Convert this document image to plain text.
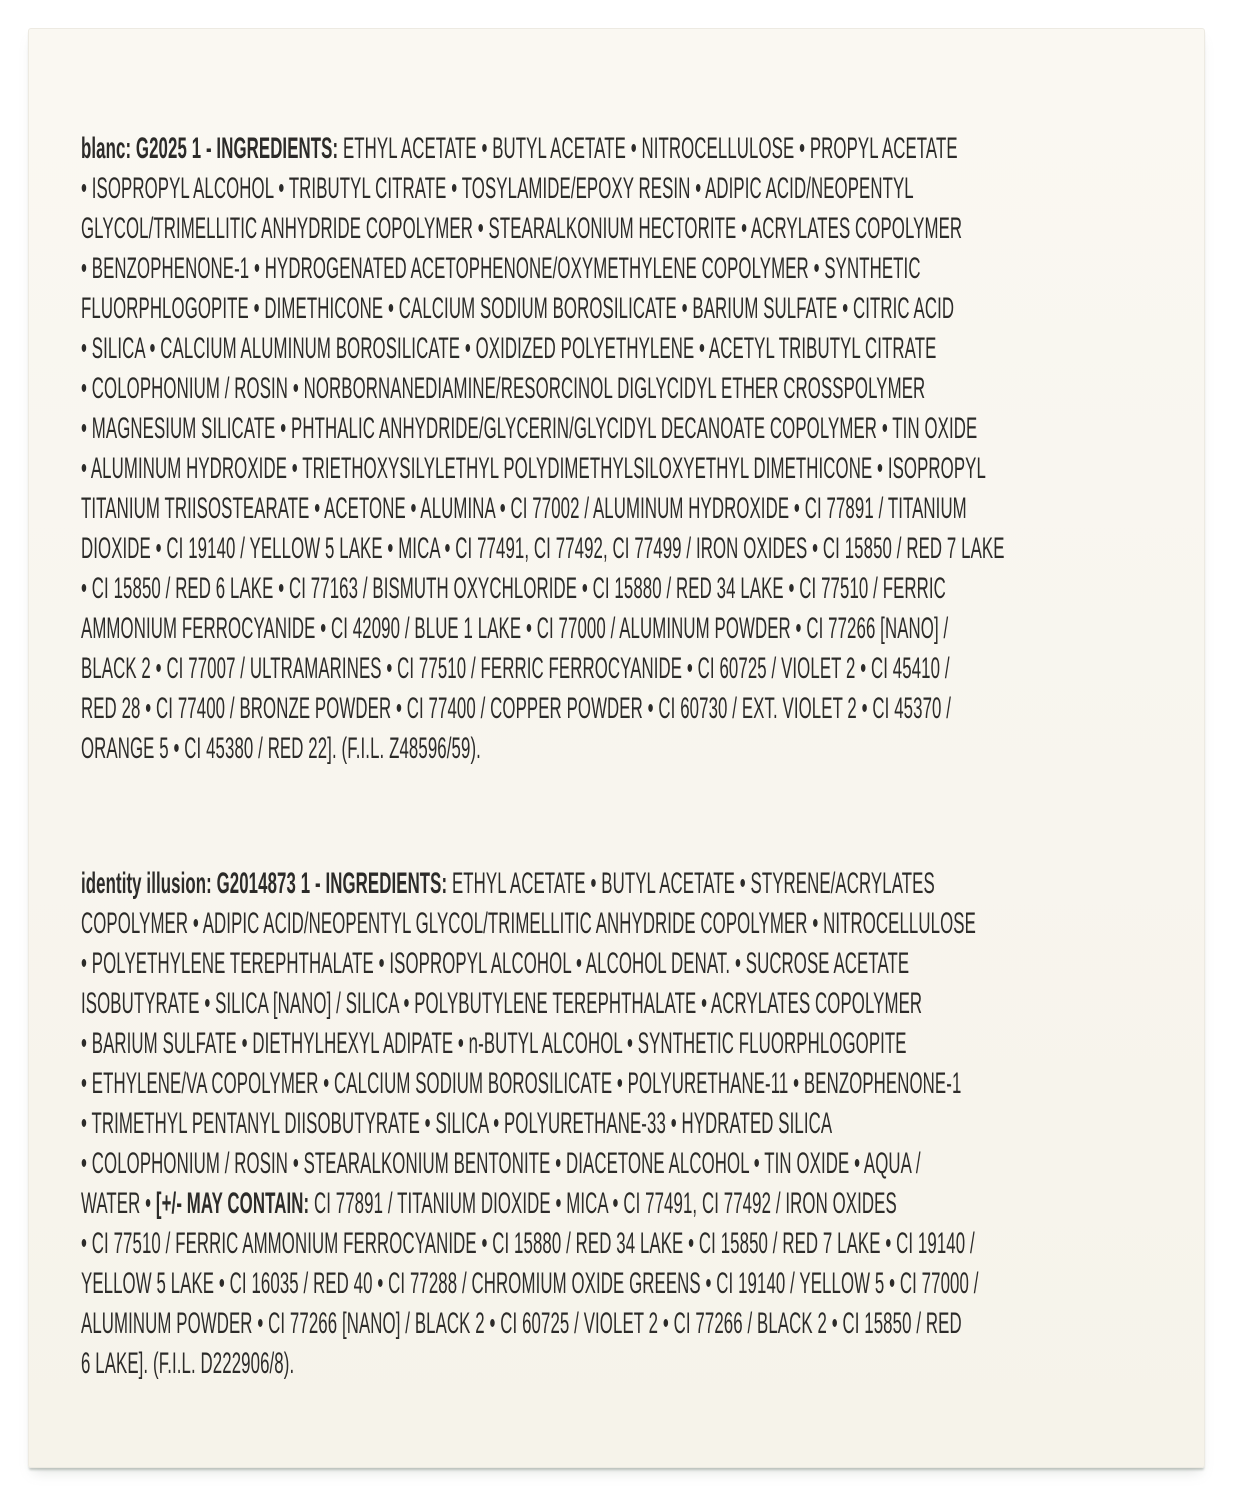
blanc: G2025 1 - INGREDIENTS: ETHYL ACETATE • BUTYL ACETATE • NITROCELLULOSE • PROPYL ACETATE
• ISOPROPYL ALCOHOL • TRIBUTYL CITRATE • TOSYLAMIDE/EPOXY RESIN • ADIPIC ACID/NEOPENTYL
GLYCOL/TRIMELLITIC ANHYDRIDE COPOLYMER • STEARALKONIUM HECTORITE • ACRYLATES COPOLYMER
• BENZOPHENONE-1 • HYDROGENATED ACETOPHENONE/OXYMETHYLENE COPOLYMER • SYNTHETIC
FLUORPHLOGOPITE • DIMETHICONE • CALCIUM SODIUM BOROSILICATE • BARIUM SULFATE • CITRIC ACID
• SILICA • CALCIUM ALUMINUM BOROSILICATE • OXIDIZED POLYETHYLENE • ACETYL TRIBUTYL CITRATE
• COLOPHONIUM / ROSIN • NORBORNANEDIAMINE/RESORCINOL DIGLYCIDYL ETHER CROSSPOLYMER
• MAGNESIUM SILICATE • PHTHALIC ANHYDRIDE/GLYCERIN/GLYCIDYL DECANOATE COPOLYMER • TIN OXIDE
• ALUMINUM HYDROXIDE • TRIETHOXYSILYLETHYL POLYDIMETHYLSILOXYETHYL DIMETHICONE • ISOPROPYL
TITANIUM TRIISOSTEARATE • ACETONE • ALUMINA • CI 77002 / ALUMINUM HYDROXIDE • CI 77891 / TITANIUM
DIOXIDE • CI 19140 / YELLOW 5 LAKE • MICA • CI 77491, CI 77492, CI 77499 / IRON OXIDES • CI 15850 / RED 7 LAKE
• CI 15850 / RED 6 LAKE • CI 77163 / BISMUTH OXYCHLORIDE • CI 15880 / RED 34 LAKE • CI 77510 / FERRIC
AMMONIUM FERROCYANIDE • CI 42090 / BLUE 1 LAKE • CI 77000 / ALUMINUM POWDER • CI 77266 [NANO] /
BLACK 2 • CI 77007 / ULTRAMARINES • CI 77510 / FERRIC FERROCYANIDE • CI 60725 / VIOLET 2 • CI 45410 /
RED 28 • CI 77400 / BRONZE POWDER • CI 77400 / COPPER POWDER • CI 60730 / EXT. VIOLET 2 • CI 45370 /
ORANGE 5 • CI 45380 / RED 22]. (F.I.L. Z48596/59).
identity illusion: G2014873 1 - INGREDIENTS: ETHYL ACETATE • BUTYL ACETATE • STYRENE/ACRYLATES
COPOLYMER • ADIPIC ACID/NEOPENTYL GLYCOL/TRIMELLITIC ANHYDRIDE COPOLYMER • NITROCELLULOSE
• POLYETHYLENE TEREPHTHALATE • ISOPROPYL ALCOHOL • ALCOHOL DENAT. • SUCROSE ACETATE
ISOBUTYRATE • SILICA [NANO] / SILICA • POLYBUTYLENE TEREPHTHALATE • ACRYLATES COPOLYMER
• BARIUM SULFATE • DIETHYLHEXYL ADIPATE • n-BUTYL ALCOHOL • SYNTHETIC FLUORPHLOGOPITE
• ETHYLENE/VA COPOLYMER • CALCIUM SODIUM BOROSILICATE • POLYURETHANE-11 • BENZOPHENONE-1
• TRIMETHYL PENTANYL DIISOBUTYRATE • SILICA • POLYURETHANE-33 • HYDRATED SILICA
• COLOPHONIUM / ROSIN • STEARALKONIUM BENTONITE • DIACETONE ALCOHOL • TIN OXIDE • AQUA /
WATER • [+/- MAY CONTAIN: CI 77891 / TITANIUM DIOXIDE • MICA • CI 77491, CI 77492 / IRON OXIDES
• CI 77510 / FERRIC AMMONIUM FERROCYANIDE • CI 15880 / RED 34 LAKE • CI 15850 / RED 7 LAKE • CI 19140 /
YELLOW 5 LAKE • CI 16035 / RED 40 • CI 77288 / CHROMIUM OXIDE GREENS • CI 19140 / YELLOW 5 • CI 77000 /
ALUMINUM POWDER • CI 77266 [NANO] / BLACK 2 • CI 60725 / VIOLET 2 • CI 77266 / BLACK 2 • CI 15850 / RED
6 LAKE]. (F.I.L. D222906/8).
